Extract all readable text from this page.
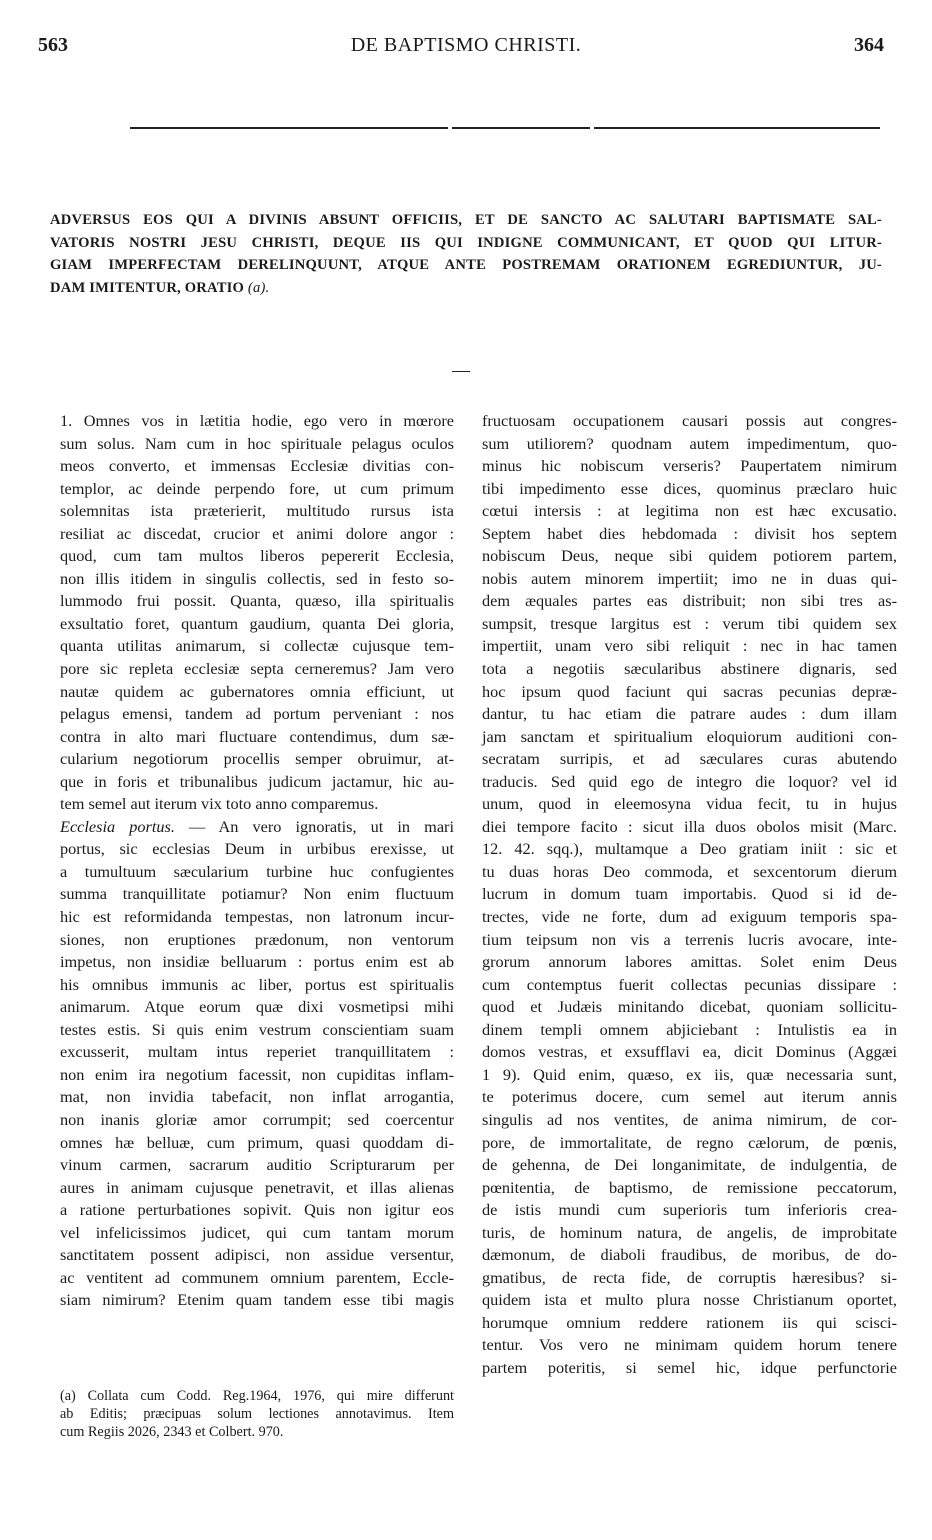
563	DE BAPTISMO CHRISTI.	364
ADVERSUS EOS QUI A DIVINIS ABSUNT OFFICIIS, ET DE SANCTO AC SALUTARI BAPTISMATE SAL-
VATORIS NOSTRI JESU CHRISTI, DEQUE IIS QUI INDIGNE COMMUNICANT, ET QUOD QUI LITUR-
GIAM IMPERFECTAM DERELINQUUNT, ATQUE ANTE POSTREMAM ORATIONEM EGREDIUNTUR, JU-
DAM IMITENTUR, ORATIO (a).
1. Omnes vos in lætitia hodie, ego vero in mœrore
sum solus. Nam cum in hoc spirituale pelagus oculos
meos converto, et immensas Ecclesiæ divitias con-
templor, ac deinde perpendo fore, ut cum primum
solemnitas ista præterierit, multitudo rursus ista
resiliat ac discedat, crucior et animi dolore angor :
quod, cum tam multos liberos pepererit Ecclesia,
non illis itidem in singulis collectis, sed in festo so-
lummodo frui possit. Quanta, quæso, illa spiritualis
exsultatio foret, quantum gaudium, quanta Dei gloria,
quanta utilitas animarum, si collectæ cujusque tem-
pore sic repleta ecclesiæ septa cerneremus? Jam vero
nautæ quidem ac gubernatores omnia efficiunt, ut
pelagus emensi, tandem ad portum perveniant : nos
contra in alto mari fluctuare contendimus, dum sæ-
cularium negotiorum procellis semper obruimur, at-
que in foris et tribunalibus judicum jactamur, hic au-
tem semel aut iterum vix toto anno comparemus.
Ecclesia portus. — An vero ignoratis, ut in mari
portus, sic ecclesias Deum in urbibus erexisse, ut
a tumultuum sæcularium turbine huc confugientes
summa tranquillitate potiamur? Non enim fluctuum
hic est reformidanda tempestas, non latronum incur-
siones, non eruptiones prædonum, non ventorum
impetus, non insidiæ belluarum : portus enim est ab
his omnibus immunis ac liber, portus est spiritualis
animarum. Atque eorum quæ dixi vosmetipsi mihi
testes estis. Si quis enim vestrum conscientiam suam
excusserit, multam intus reperiet tranquillitatem :
non enim ira negotium facessit, non cupiditas inflam-
mat, non invidia tabefacit, non inflat arrogantia,
non inanis gloriæ amor corrumpit; sed coercentur
omnes hæ belluæ, cum primum, quasi quoddam di-
vinum carmen, sacrarum auditio Scripturarum per
aures in animam cujusque penetravit, et illas alienas
a ratione perturbationes sopivit. Quis non igitur eos
vel infelicissimos judicet, qui cum tantam morum
sanctitatem possent adipisci, non assidue versentur,
ac ventitent ad communem omnium parentem, Eccle-
siam nimirum? Etenim quam tandem esse tibi magis
(a) Collata cum Codd. Reg.1964, 1976, qui mire differunt
ab Editis; præcipuas solum lectiones annotavimus. Item
cum Regiis 2026, 2343 et Colbert. 970.
fructuosam occupationem causari possis aut congres-
sum utiliorem? quodnam autem impedimentum, quo-
minus hic nobiscum verseris? Paupertatem nimirum
tibi impedimento esse dices, quominus præclaro huic
cœtui intersis : at legitima non est hæc excusatio.
Septem habet dies hebdomada : divisit hos septem
nobiscum Deus, neque sibi quidem potiorem partem,
nobis autem minorem impertiit; imo ne in duas qui-
dem æquales partes eas distribuit; non sibi tres as-
sumpsit, tresque largitus est : verum tibi quidem sex
impertiit, unam vero sibi reliquit : nec in hac tamen
tota a negotiis sæcularibus abstinere dignaris, sed
hoc ipsum quod faciunt qui sacras pecunias depræ-
dantur, tu hac etiam die patrare audes : dum illam
jam sanctam et spiritualium eloquiorum auditioni con-
secratam surripis, et ad sæculares curas abutendo
traducis. Sed quid ego de integro die loquor? vel id
unum, quod in eleemosyna vidua fecit, tu in hujus
diei tempore facito : sicut illa duos obolos misit (Marc.
12. 42. sqq.), multamque a Deo gratiam iniit : sic et
tu duas horas Deo commoda, et sexcentorum dierum
lucrum in domum tuam importabis. Quod si id de-
trectes, vide ne forte, dum ad exiguum temporis spa-
tium teipsum non vis a terrenis lucris avocare, inte-
grorum annorum labores amittas. Solet enim Deus
cum contemptus fuerit collectas pecunias dissipare :
quod et Judæis minitando dicebat, quoniam sollicitu-
dinem templi omnem abjiciebant : Intulistis ea in
domos vestras, et exsufflavi ea, dicit Dominus (Aggæi
1 9). Quid enim, quæso, ex iis, quæ necessaria sunt,
te poterimus docere, cum semel aut iterum annis
singulis ad nos ventites, de anima nimirum, de cor-
pore, de immortalitate, de regno cælorum, de pœnis,
de gehenna, de Dei longanimitate, de indulgentia, de
pœnitentia, de baptismo, de remissione peccatorum,
de istis mundi cum superioris tum inferioris crea-
turis, de hominum natura, de angelis, de improbitate
dæmonum, de diaboli fraudibus, de moribus, de do-
gmatibus, de recta fide, de corruptis hæresibus? si-
quidem ista et multo plura nosse Christianum oportet,
horumque omnium reddere rationem iis qui scisci-
tentur. Vos vero ne minimam quidem horum tenere
partem poteritis, si semel hic, idque perfunctorie
